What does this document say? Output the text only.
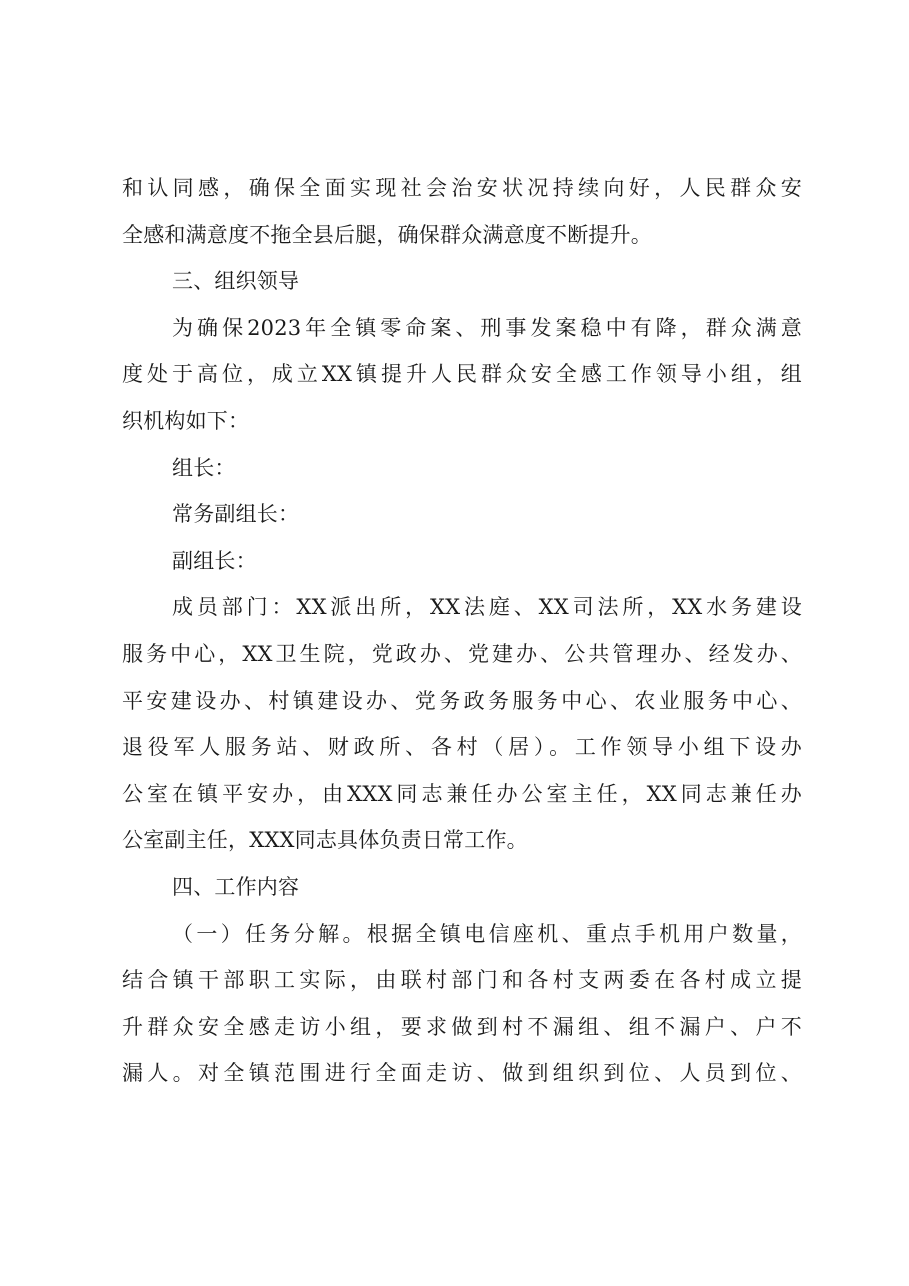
和认同感，确保全面实现社会治安状况持续向好，人民群众安
全感和满意度不拖全县后腿，确保群众满意度不断提升。
三、组织领导
为确保2023年全镇零命案、刑事发案稳中有降，群众满意
度处于高位，成立XX镇提升人民群众安全感工作领导小组，组
织机构如下：
组长：
常务副组长：
副组长：
成员部门：XX派出所，XX法庭、XX司法所，XX水务建设
服务中心，XX卫生院，党政办、党建办、公共管理办、经发办、
平安建设办、村镇建设办、党务政务服务中心、农业服务中心、
退役军人服务站、财政所、各村（居）。工作领导小组下设办
公室在镇平安办，由XXX同志兼任办公室主任，XX同志兼任办
公室副主任，XXX同志具体负责日常工作。
四、工作内容
（一）任务分解。根据全镇电信座机、重点手机用户数量，
结合镇干部职工实际，由联村部门和各村支两委在各村成立提
升群众安全感走访小组，要求做到村不漏组、组不漏户、户不
漏人。对全镇范围进行全面走访、做到组织到位、人员到位、
